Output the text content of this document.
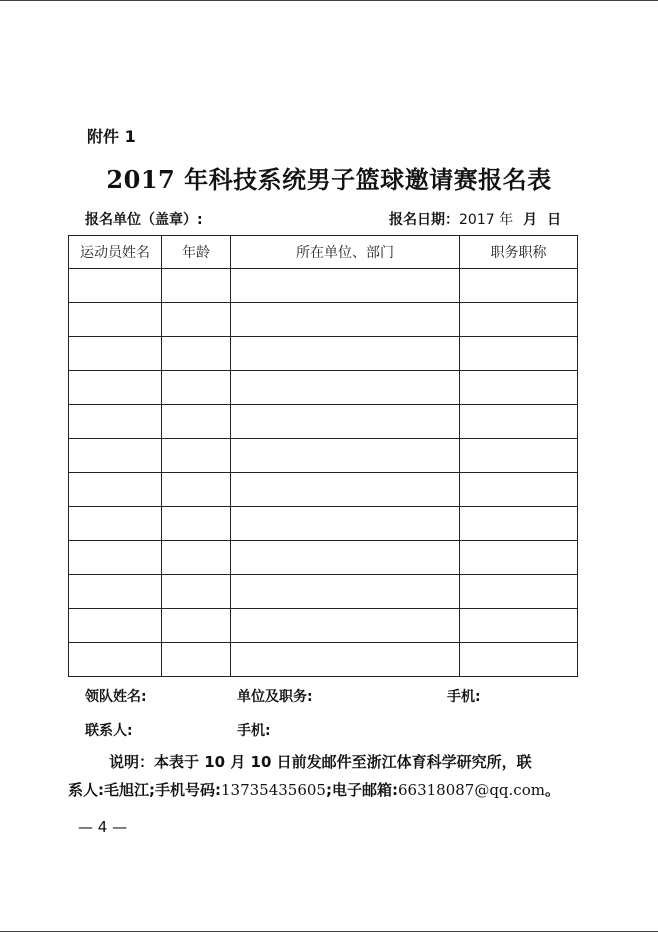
附件 1
2017 年科技系统男子篮球邀请赛报名表
报名单位（盖章）:	报名日期：2017 年 月 日
运动员姓名	年龄	所在单位、部门	职务职称

领队姓名:	单位及职务:	手机:
联系人:	手机:
说明：本表于 10 月 10 日前发邮件至浙江体育科学研究所，联
系人:毛旭江;手机号码:13735435605;电子邮箱:66318087@qq.com。
— 4 —
